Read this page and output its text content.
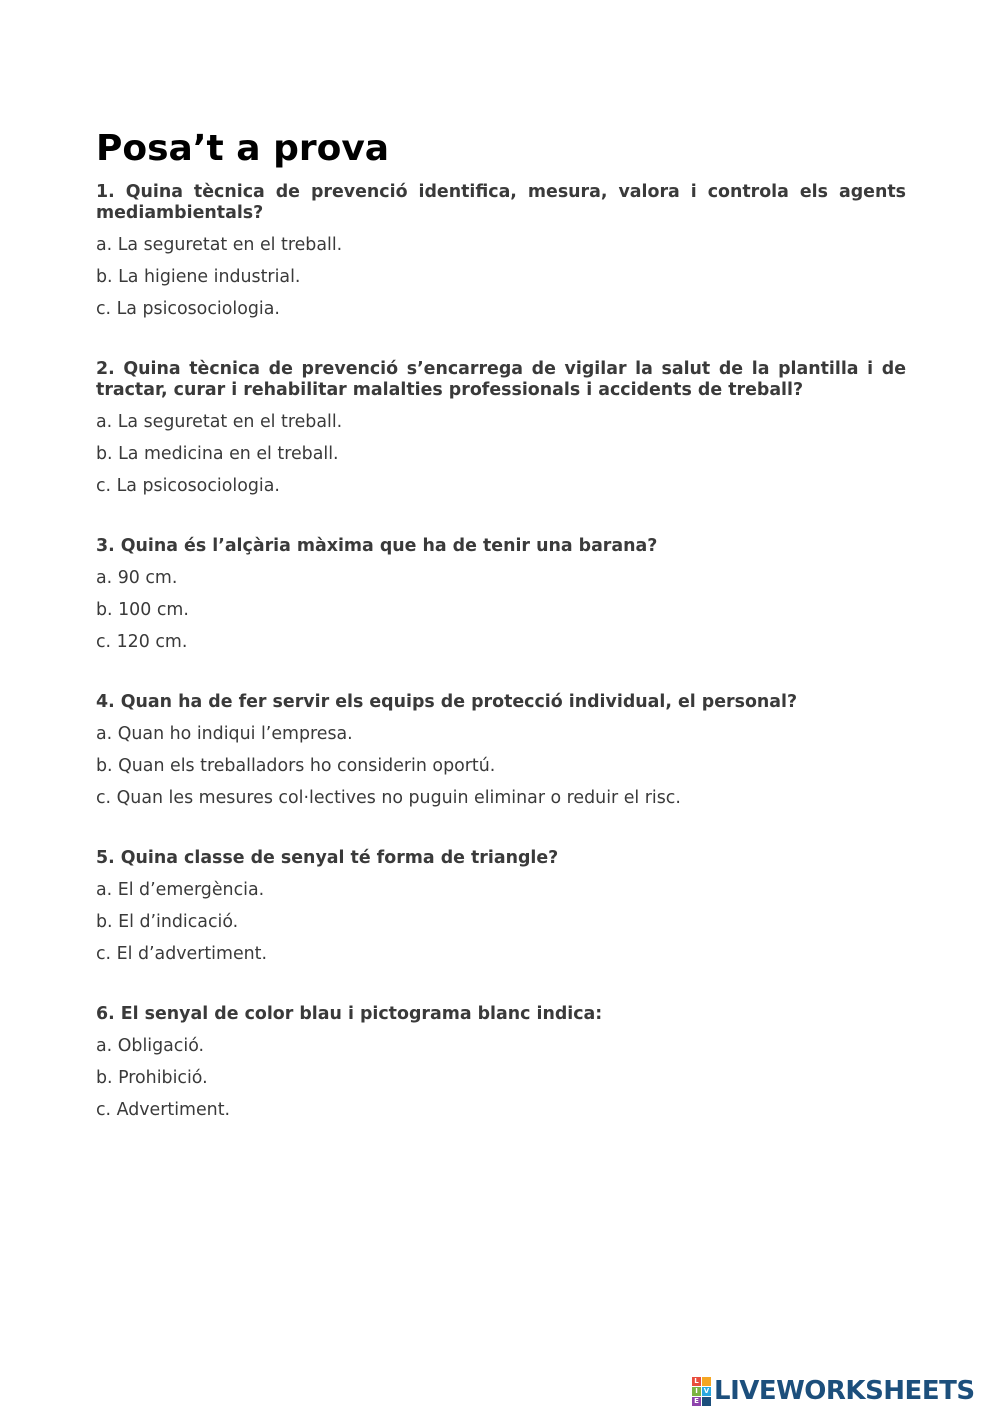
Posa’t a prova

1. Quina tècnica de prevenció identifica, mesura, valora i controla els agents mediambientals?

a. La seguretat en el treball.

b. La higiene industrial.

c. La psicosociologia.

2. Quina tècnica de prevenció s’encarrega de vigilar la salut de la plantilla i de tractar, curar i rehabilitar malalties professionals i accidents de treball?

a. La seguretat en el treball.

b. La medicina en el treball.

c. La psicosociologia.

3. Quina és l’alçària màxima que ha de tenir una barana?

a. 90 cm.

b. 100 cm.

c. 120 cm.

4. Quan ha de fer servir els equips de protecció individual, el personal?

a. Quan ho indiqui l’empresa.

b. Quan els treballadors ho considerin oportú.

c. Quan les mesures col·lectives no puguin eliminar o reduir el risc.

5. Quina classe de senyal té forma de triangle?

a. El d’emergència.

b. El d’indicació.

c. El d’advertiment.

6. El senyal de color blau i pictograma blanc indica:

a. Obligació.

b. Prohibició.

c. Advertiment.

L
I V
E LIVEWORKSHEETS
